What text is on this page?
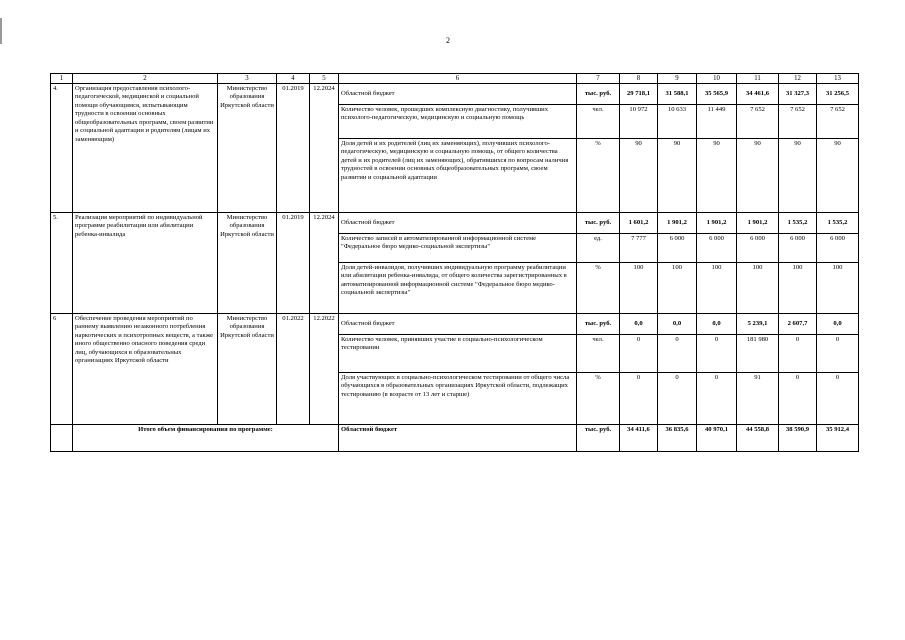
2
1	2	3	4	5	6	7	8	9	10	11	12	13
4.	Организация предоставления психолого-педагогической, медицинской и социальной помощи обучающимся, испытывающим трудности в освоении основных общеобразовательных программ, своем развитии и социальной адаптации и родителям (лицам их заменяющим)	Министерство образования Иркутской области	01.2019	12.2024	Областной бюджет	тыс. руб.	29 718,1	31 588,1	35 565,9	34 461,6	31 327,3	31 256,5
					Количество человек, прошедших комплексную диагностику, получивших психолого-педагогическую, медицинскую и социальную помощь	чел.	10 972	10 633	11 449	7 652	7 652	7 652
					Доля детей и их родителей (лиц их заменяющих), получивших психолого-педагогическую, медицинскую и социальную помощь, от общего количества детей и их родителей (лиц их заменяющих), обратившихся по вопросам наличия трудностей в освоении основных общеобразовательных программ, своем развитии и социальной адаптации	%	90	90	90	90	90	90
5.	Реализация мероприятий по индивидуальной программе реабилитации или абилитации ребенка-инвалида	Министерство образования Иркутской области	01.2019	12.2024	Областной бюджет	тыс. руб.	1 601,2	1 901,2	1 901,2	1 901,2	1 535,2	1 535,2
					Количество записей в автоматизированной информационной системе "Федеральное бюро медико-социальной экспертизы"	ед.	7 777	6 000	6 000	6 000	6 000	6 000
					Доля детей-инвалидов, получивших индивидуальную программу реабилитации или абилитации ребенка-инвалида, от общего количества зарегистрированных в автоматизированной информационной системе "Федеральное бюро медико-социальной экспертизы"	%	100	100	100	100	100	100
6	Обеспечение проведения мероприятий по раннему выявлению незаконного потребления наркотических и психотропных веществ, а также иного общественно опасного поведения среди лиц, обучающихся в образовательных организациях Иркутской области	Министерство образования Иркутской области	01.2022	12.2022	Областной бюджет	тыс. руб.	0,0	0,0	0,0	5 239,1	2 607,7	0,0
					Количество человек, принявших участие в социально-психологическом тестировании	чел.	0	0	0	181 980	0	0
					Доля участвующих в социально-психологическом тестировании от общего числа обучающихся в образовательных организациях Иркутской области, подлежащих тестированию (в возрасте от 13 лет и старше)	%	0	0	0	91	0	0
	Итого объем финансирования по программе:				Областной бюджет	тыс. руб.	34 411,6	36 835,6	40 970,1	44 558,8	38 590,9	35 912,4
